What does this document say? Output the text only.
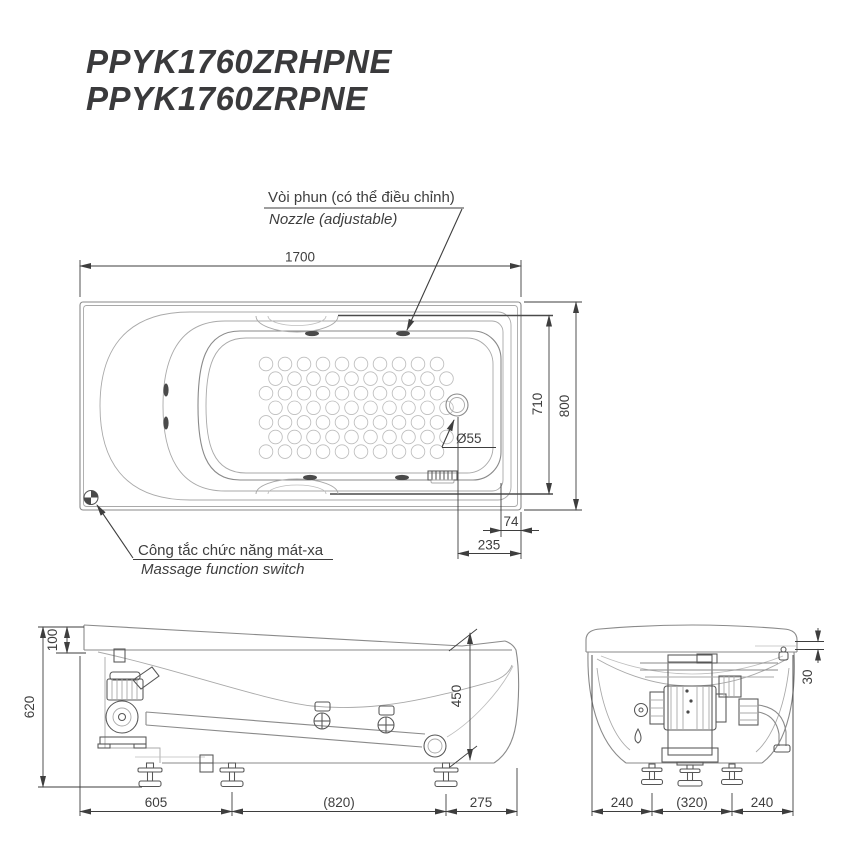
PPYK1760ZRHPNE
PPYK1760ZRPNE
Vòi phun (có thể điều chỉnh)
Nozzle (adjustable)
Công tắc chức năng mát-xa
Massage function switch
1700
800
710
74
235
Ø55
620
100
450
605	(820)	275
30
240	(320)	240
